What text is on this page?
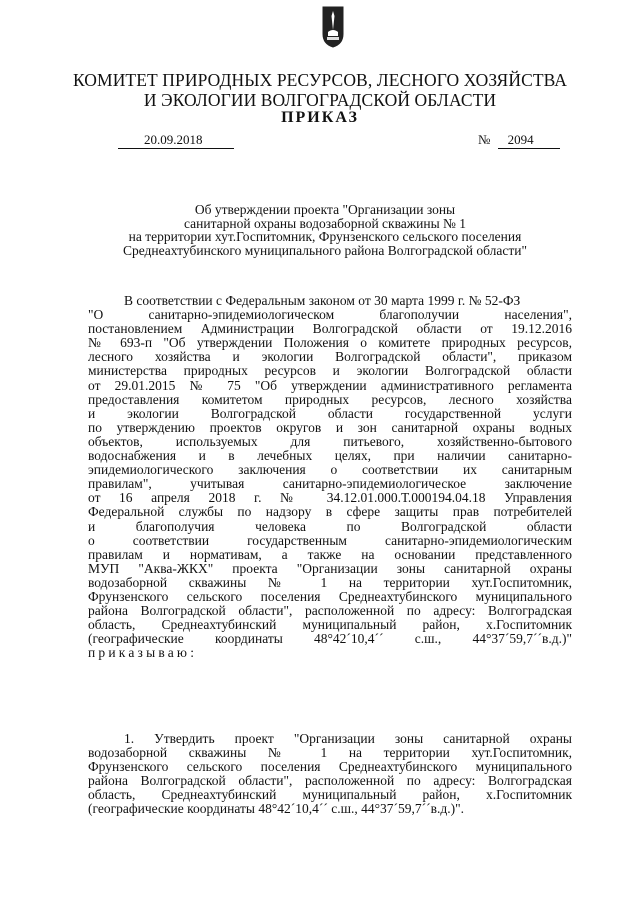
КОМИТЕТ ПРИРОДНЫХ РЕСУРСОВ, ЛЕСНОГО ХОЗЯЙСТВА
И ЭКОЛОГИИ ВОЛГОГРАДСКОЙ ОБЛАСТИ
ПРИКАЗ
20.09.2018	№ 2094
Об утверждении проекта "Организации зоны
санитарной охраны водозаборной скважины № 1
на территории хут.Госпитомник, Фрунзенского сельского поселения
Среднеахтубинского муниципального района Волгоградской области"
В соответствии с Федеральным законом от 30 марта 1999 г. № 52-ФЗ
"О санитарно-эпидемиологическом благополучии населения",
постановлением Администрации Волгоградской области от 19.12.2016
№ 693-п "Об утверждении Положения о комитете природных ресурсов,
лесного хозяйства и экологии Волгоградской области", приказом
министерства природных ресурсов и экологии Волгоградской области
от 29.01.2015 № 75 "Об утверждении административного регламента
предоставления комитетом природных ресурсов, лесного хозяйства
и экологии Волгоградской области государственной услуги
по утверждению проектов округов и зон санитарной охраны водных
объектов, используемых для питьевого, хозяйственно-бытового
водоснабжения и в лечебных целях, при наличии санитарно-
эпидемиологического заключения о соответствии их санитарным
правилам", учитывая санитарно-эпидемиологическое заключение
от 16 апреля 2018 г. № 34.12.01.000.Т.000194.04.18 Управления
Федеральной службы по надзору в сфере защиты прав потребителей
и благополучия человека по Волгоградской области
о соответствии государственным санитарно-эпидемиологическим
правилам и нормативам, а также на основании представленного
МУП "Аква-ЖКХ" проекта "Организации зоны санитарной охраны
водозаборной скважины № 1 на территории хут.Госпитомник,
Фрунзенского сельского поселения Среднеахтубинского муниципального
района Волгоградской области", расположенной по адресу: Волгоградская
область, Среднеахтубинский муниципальный район, х.Госпитомник
(географические координаты 48°42´10,4´´ с.ш., 44°37´59,7´´в.д.)"
приказываю:
1. Утвердить проект "Организации зоны санитарной охраны
водозаборной скважины № 1 на территории хут.Госпитомник,
Фрунзенского сельского поселения Среднеахтубинского муниципального
района Волгоградской области", расположенной по адресу: Волгоградская
область, Среднеахтубинский муниципальный район, х.Госпитомник
(географические координаты 48°42´10,4´´ с.ш., 44°37´59,7´´в.д.)".
